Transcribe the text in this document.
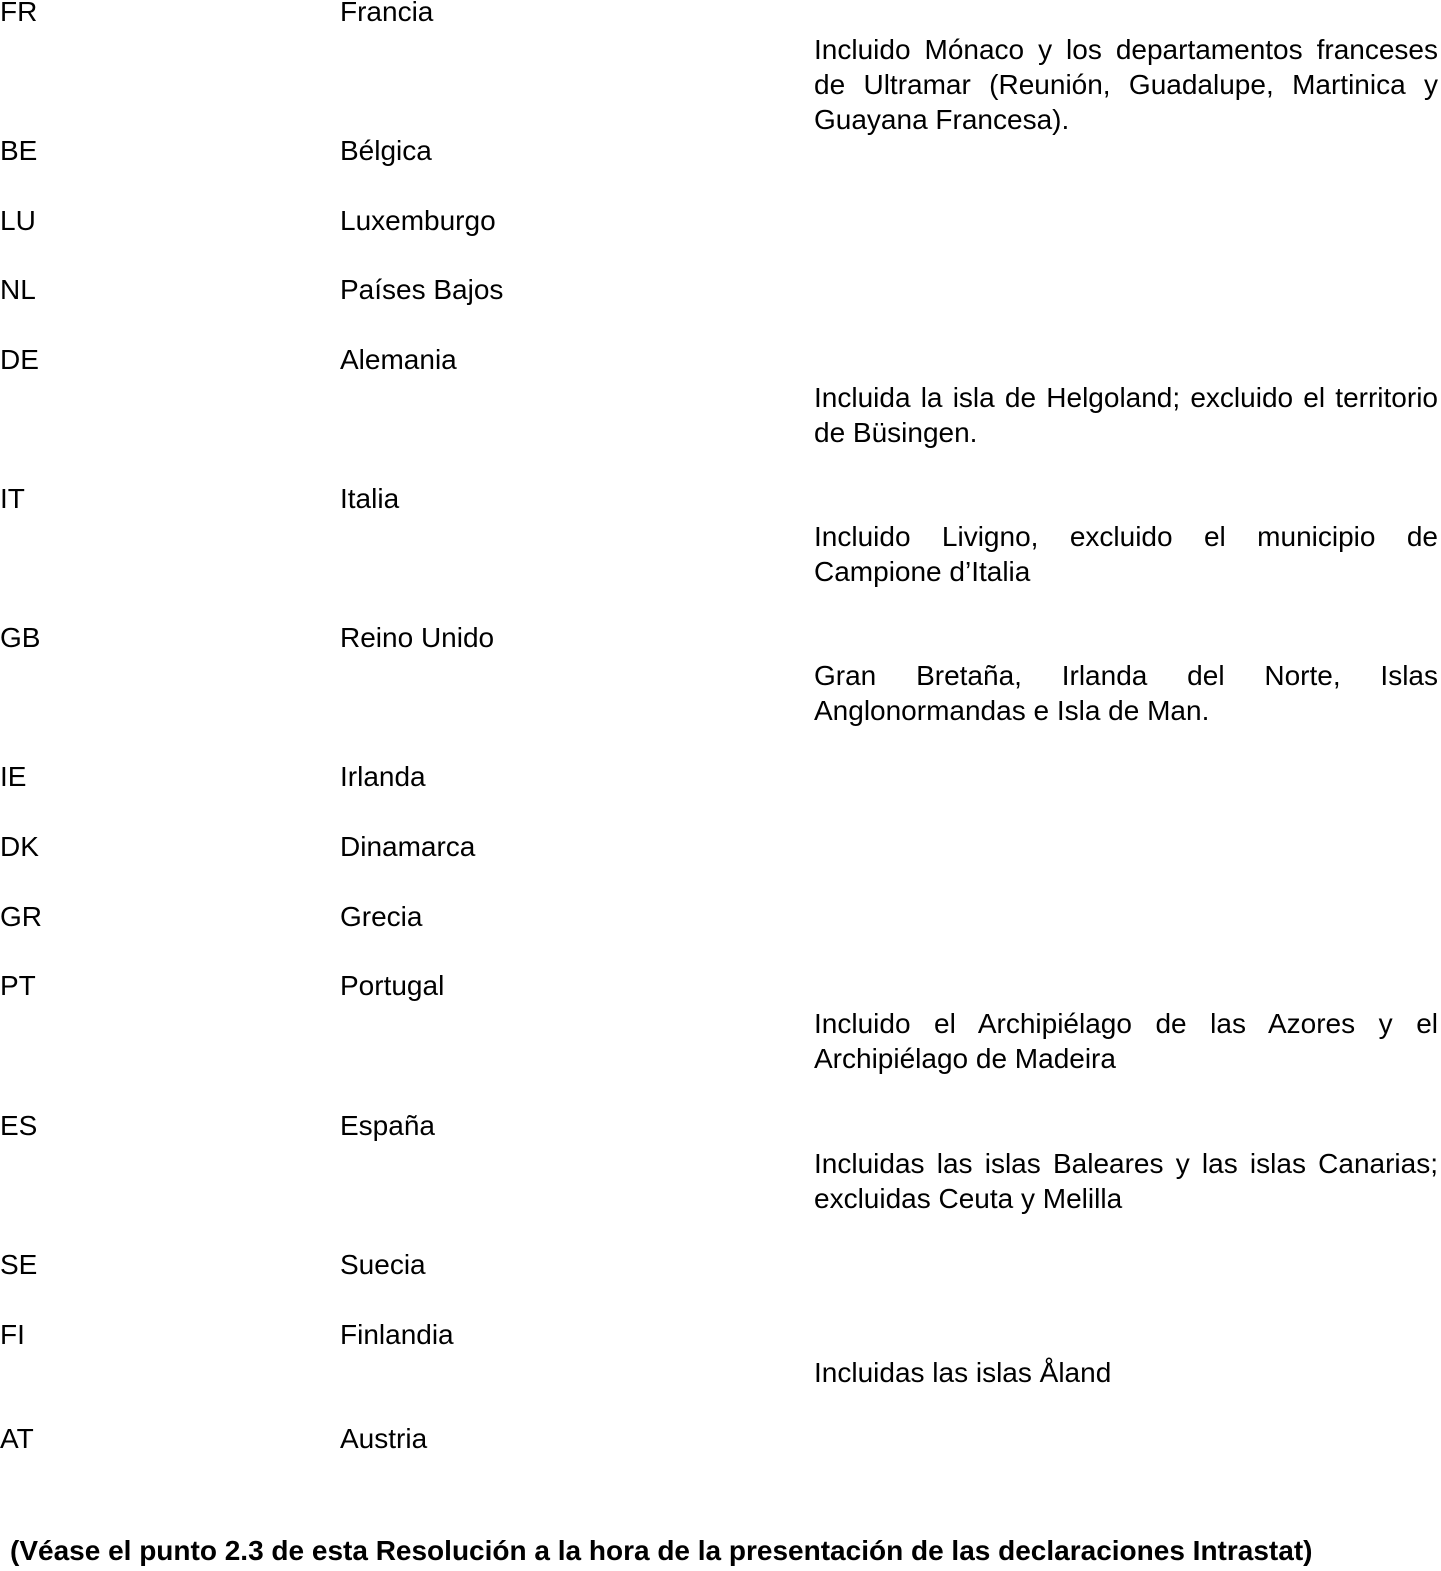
FR	Francia
Incluido Mónaco y los departamentos franceses de Ultramar (Reunión, Guadalupe, Martinica y Guayana Francesa).
BE	Bélgica
LU	Luxemburgo
NL	Países Bajos
DE	Alemania
Incluida la isla de Helgoland; excluido el territorio de Büsingen.
IT	Italia
Incluido Livigno, excluido el municipio de Campione d’Italia
GB	Reino Unido
Gran Bretaña, Irlanda del Norte, Islas Anglonormandas e Isla de Man.
IE	Irlanda
DK	Dinamarca
GR	Grecia
PT	Portugal
Incluido el Archipiélago de las Azores y el Archipiélago de Madeira
ES	España
Incluidas las islas Baleares y las islas Canarias; excluidas Ceuta y Melilla
SE	Suecia
FI	Finlandia
Incluidas las islas Åland
AT	Austria
(Véase el punto 2.3 de esta Resolución a la hora de la presentación de las declaraciones Intrastat)
